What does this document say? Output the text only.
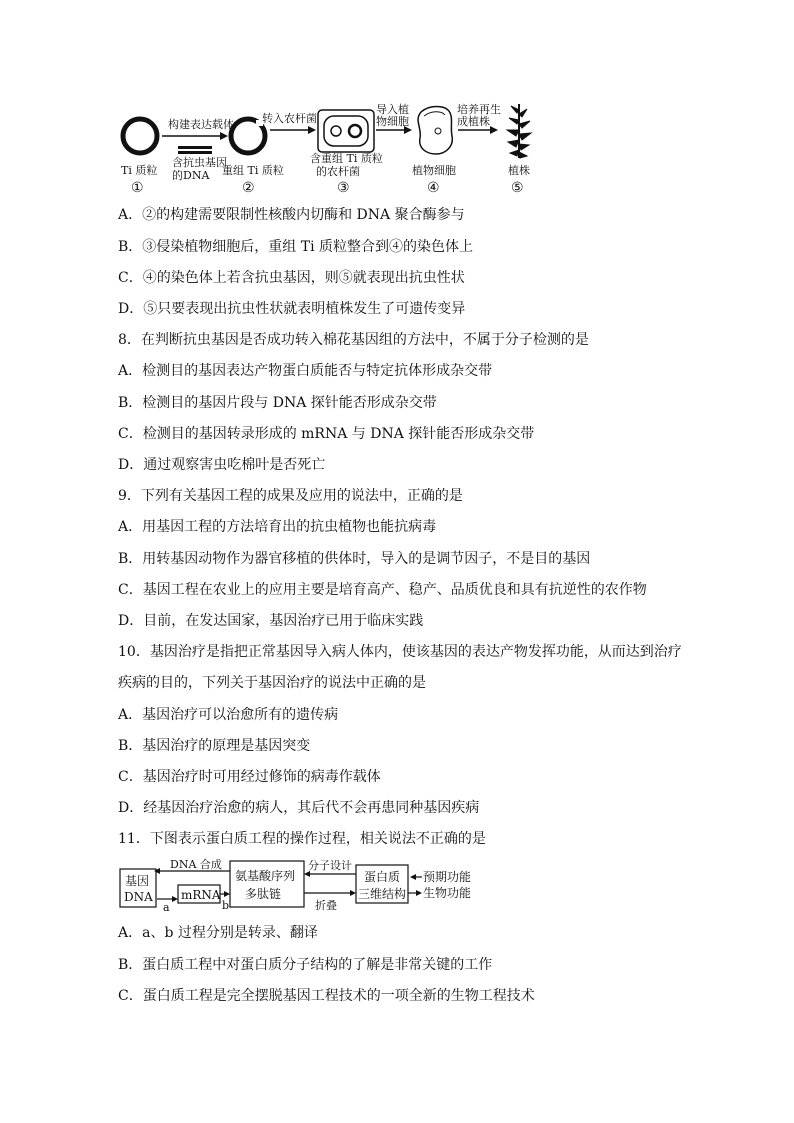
构建表达载体
含抗虫基因
的DNA
Ti 质粒
①
重组 Ti 质粒
②
转入农杆菌
含重组 Ti 质粒
的农杆菌
③
导入植
物细胞
植物细胞
④
培养再生
成植株
植株
⑤
A．②的构建需要限制性核酸内切酶和 DNA 聚合酶参与
B．③侵染植物细胞后，重组 Ti 质粒整合到④的染色体上
C．④的染色体上若含抗虫基因，则⑤就表现出抗虫性状
D．⑤只要表现出抗虫性状就表明植株发生了可遗传变异
8．在判断抗虫基因是否成功转入棉花基因组的方法中，不属于分子检测的是
A．检测目的基因表达产物蛋白质能否与特定抗体形成杂交带
B．检测目的基因片段与 DNA 探针能否形成杂交带
C．检测目的基因转录形成的 mRNA 与 DNA 探针能否形成杂交带
D．通过观察害虫吃棉叶是否死亡
9．下列有关基因工程的成果及应用的说法中，正确的是
A．用基因工程的方法培育出的抗虫植物也能抗病毒
B．用转基因动物作为器官移植的供体时，导入的是调节因子，不是目的基因
C．基因工程在农业上的应用主要是培育高产、稳产、品质优良和具有抗逆性的农作物
D．目前，在发达国家，基因治疗已用于临床实践
10．基因治疗是指把正常基因导入病人体内，使该基因的表达产物发挥功能，从而达到治疗
疾病的目的，下列关于基因治疗的说法中正确的是
A．基因治疗可以治愈所有的遗传病
B．基因治疗的原理是基因突变
C．基因治疗时可用经过修饰的病毒作载体
D．经基因治疗治愈的病人，其后代不会再患同种基因疾病
11．下图表示蛋白质工程的操作过程，相关说法不正确的是
基因
DNA
DNA 合成
a
mRNA
b
氨基酸序列
多肽链
分子设计
折叠
蛋白质
三维结构
预期功能
生物功能
A．a、b 过程分别是转录、翻译
B．蛋白质工程中对蛋白质分子结构的了解是非常关键的工作
C．蛋白质工程是完全摆脱基因工程技术的一项全新的生物工程技术
